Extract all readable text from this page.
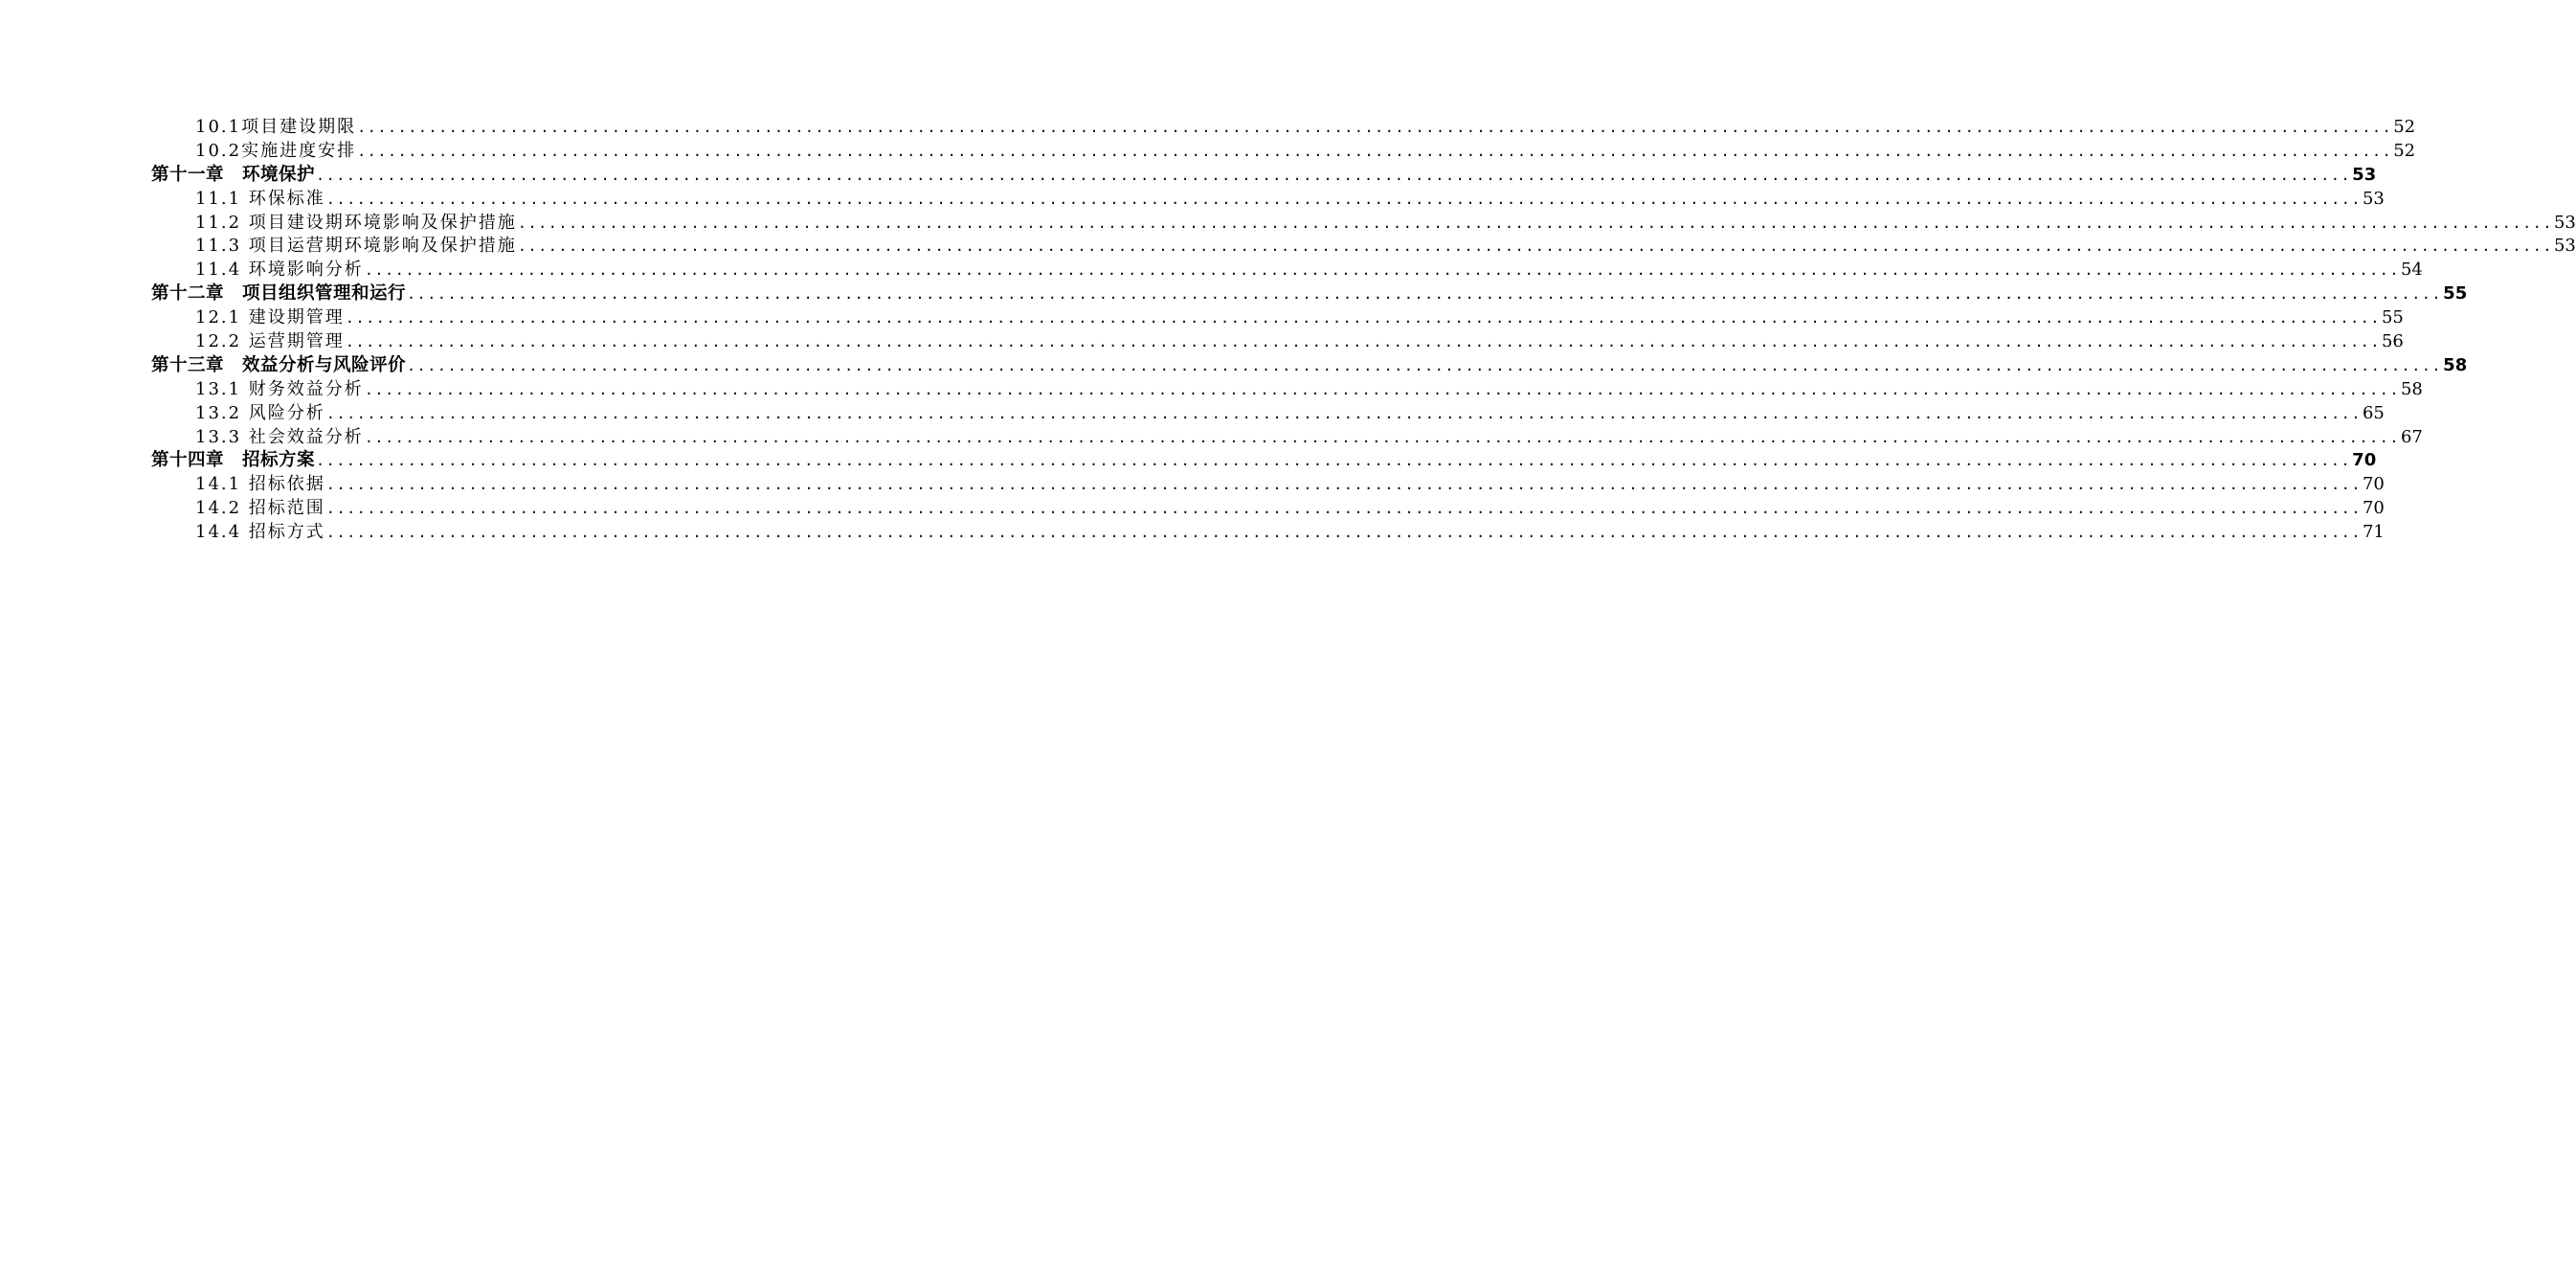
10.1项目建设期限 ........................................................................................................................................................................................................ 52
10.2实施进度安排 ........................................................................................................................................................................................................ 52
第十一章　环境保护 ........................................................................................................................................................................................................ 53
11.1 环保标准 ........................................................................................................................................................................................................ 53
11.2 项目建设期环境影响及保护措施 ........................................................................................................................................................................................................ 53
11.3 项目运营期环境影响及保护措施 ........................................................................................................................................................................................................ 53
11.4 环境影响分析 ........................................................................................................................................................................................................ 54
第十二章　项目组织管理和运行 ........................................................................................................................................................................................................ 55
12.1 建设期管理 ........................................................................................................................................................................................................ 55
12.2 运营期管理 ........................................................................................................................................................................................................ 56
第十三章　效益分析与风险评价 ........................................................................................................................................................................................................ 58
13.1 财务效益分析 ........................................................................................................................................................................................................ 58
13.2 风险分析 ........................................................................................................................................................................................................ 65
13.3 社会效益分析 ........................................................................................................................................................................................................ 67
第十四章　招标方案 ........................................................................................................................................................................................................ 70
14.1 招标依据 ........................................................................................................................................................................................................ 70
14.2 招标范围 ........................................................................................................................................................................................................ 70
14.4 招标方式 ........................................................................................................................................................................................................ 71
